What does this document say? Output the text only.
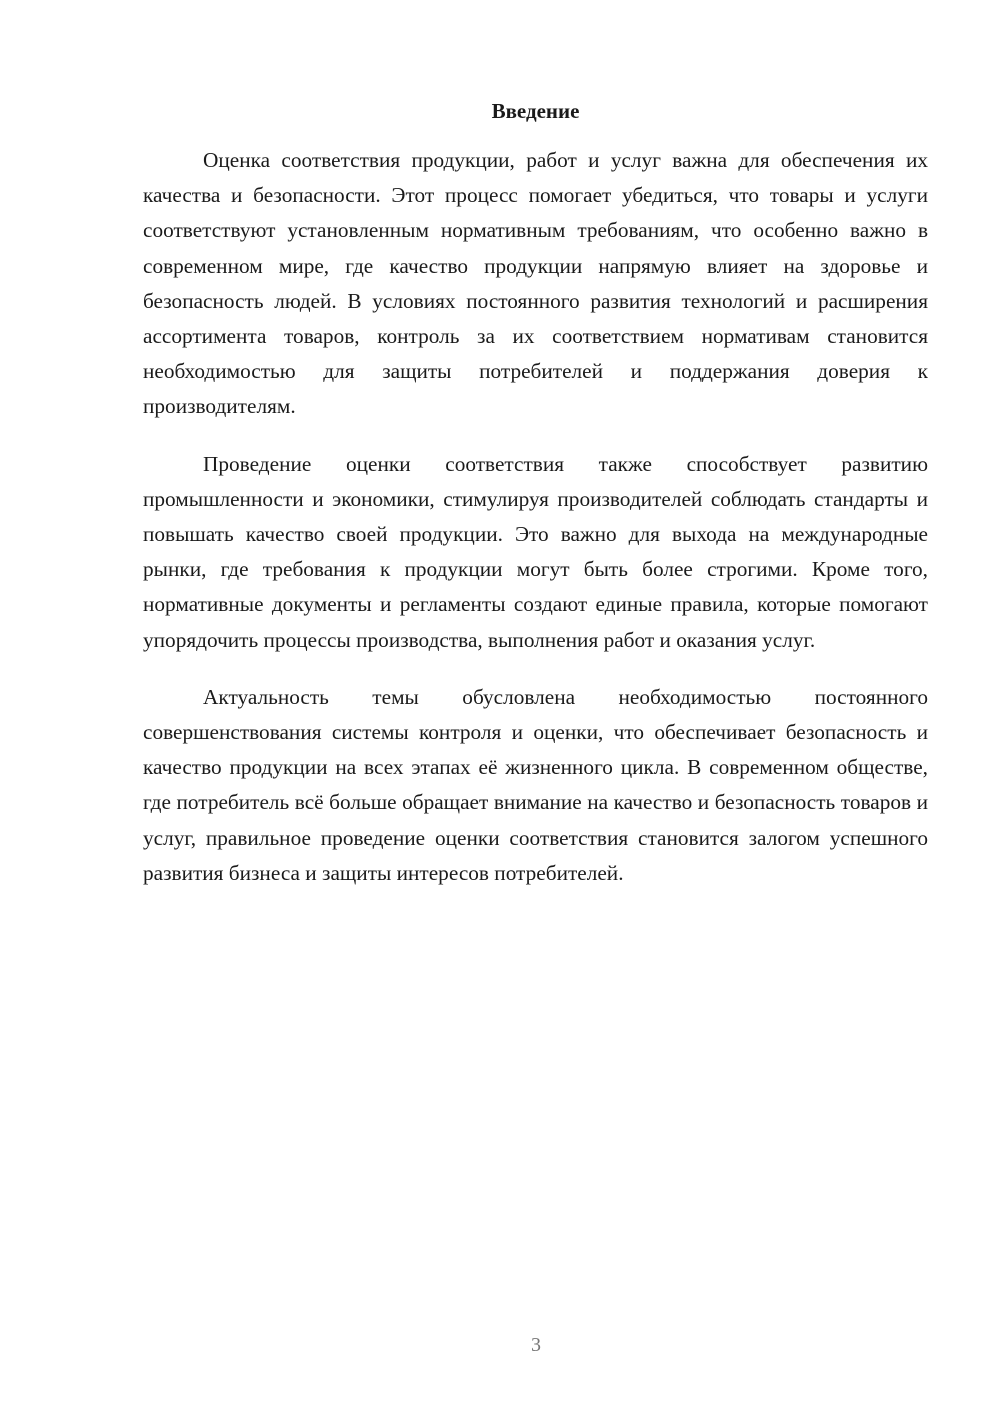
Введение

Оценка соответствия продукции, работ и услуг важна для обеспечения их качества и безопасности. Этот процесс помогает убедиться, что товары и услуги соответствуют установленным нормативным требованиям, что особенно важно в современном мире, где качество продукции напрямую влияет на здоровье и безопасность людей. В условиях постоянного развития технологий и расширения ассортимента товаров, контроль за их соответствием нормативам становится необходимостью для защиты потребителей и поддержания доверия к производителям.

Проведение оценки соответствия также способствует развитию промышленности и экономики, стимулируя производителей соблюдать стандарты и повышать качество своей продукции. Это важно для выхода на международные рынки, где требования к продукции могут быть более строгими. Кроме того, нормативные документы и регламенты создают единые правила, которые помогают упорядочить процессы производства, выполнения работ и оказания услуг.

Актуальность темы обусловлена необходимостью постоянного совершенствования системы контроля и оценки, что обеспечивает безопасность и качество продукции на всех этапах её жизненного цикла. В современном обществе, где потребитель всё больше обращает внимание на качество и безопасность товаров и услуг, правильное проведение оценки соответствия становится залогом успешного развития бизнеса и защиты интересов потребителей.

3
